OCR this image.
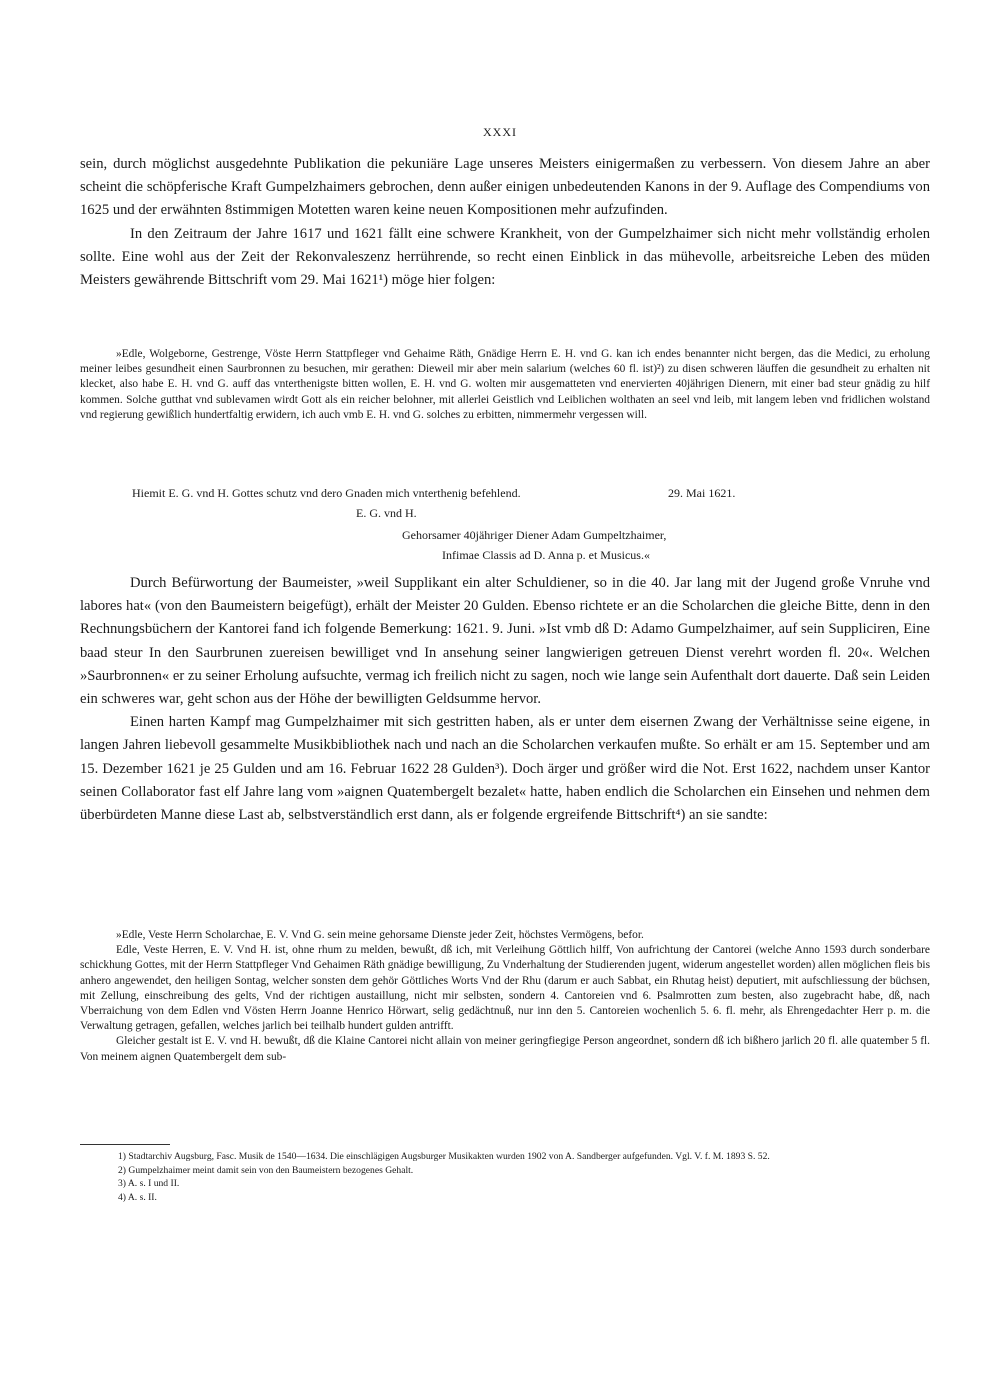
XXXI

sein, durch möglichst ausgedehnte Publikation die pekuniäre Lage unseres Meisters einigermaßen zu verbessern. Von diesem Jahre an aber scheint die schöpferische Kraft Gumpelzhaimers gebrochen, denn außer einigen unbedeutenden Kanons in der 9. Auflage des Compendiums von 1625 und der erwähnten 8stimmigen Motetten waren keine neuen Kompositionen mehr aufzufinden.

In den Zeitraum der Jahre 1617 und 1621 fällt eine schwere Krankheit, von der Gumpelzhaimer sich nicht mehr vollständig erholen sollte. Eine wohl aus der Zeit der Rekonvaleszenz herrührende, so recht einen Einblick in das mühevolle, arbeitsreiche Leben des müden Meisters gewährende Bittschrift vom 29. Mai 1621¹) möge hier folgen:

»Edle, Wolgeborne, Gestrenge, Vöste Herrn Stattpfleger vnd Gehaime Räth, Gnädige Herrn E. H. vnd G. kan ich endes benannter nicht bergen, das die Medici, zu erholung meiner leibes gesundheit einen Saurbronnen zu besuchen, mir gerathen: Dieweil mir aber mein salarium (welches 60 fl. ist)²) zu disen schweren läuffen die gesundheit zu erhalten nit klecket, also habe E. H. vnd G. auff das vnterthenigste bitten wollen, E. H. vnd G. wolten mir ausgematteten vnd enervierten 40jährigen Dienern, mit einer bad steur gnädig zu hilf kommen. Solche gutthat vnd sublevamen wirdt Gott als ein reicher belohner, mit allerlei Geistlich vnd Leiblichen wolthaten an seel vnd leib, mit langem leben vnd fridlichen wolstand vnd regierung gewißlich hundertfaltig erwidern, ich auch vmb E. H. vnd G. solches zu erbitten, nimmermehr vergessen will.

Hiemit E. G. vnd H. Gottes schutz vnd dero Gnaden mich vnterthenig befehlend.	29. Mai 1621.

E. G. vnd H.

Gehorsamer 40jähriger Diener Adam Gumpeltzhaimer,

Infimae Classis ad D. Anna p. et Musicus.«

Durch Befürwortung der Baumeister, »weil Supplikant ein alter Schuldiener, so in die 40. Jar lang mit der Jugend große Vnruhe vnd labores hat« (von den Baumeistern beigefügt), erhält der Meister 20 Gulden. Ebenso richtete er an die Scholarchen die gleiche Bitte, denn in den Rechnungsbüchern der Kantorei fand ich folgende Bemerkung: 1621. 9. Juni. »Ist vmb dß D: Adamo Gumpelzhaimer, auf sein Suppliciren, Eine baad steur In den Saurbrunen zuereisen bewilliget vnd In ansehung seiner langwierigen getreuen Dienst verehrt worden fl. 20«. Welchen »Saurbronnen« er zu seiner Erholung aufsuchte, vermag ich freilich nicht zu sagen, noch wie lange sein Aufenthalt dort dauerte. Daß sein Leiden ein schweres war, geht schon aus der Höhe der bewilligten Geldsumme hervor.

Einen harten Kampf mag Gumpelzhaimer mit sich gestritten haben, als er unter dem eisernen Zwang der Verhältnisse seine eigene, in langen Jahren liebevoll gesammelte Musikbibliothek nach und nach an die Scholarchen verkaufen mußte. So erhält er am 15. September und am 15. Dezember 1621 je 25 Gulden und am 16. Februar 1622 28 Gulden³). Doch ärger und größer wird die Not. Erst 1622, nachdem unser Kantor seinen Collaborator fast elf Jahre lang vom »aignen Quatembergelt bezalet« hatte, haben endlich die Scholarchen ein Einsehen und nehmen dem überbürdeten Manne diese Last ab, selbstverständlich erst dann, als er folgende ergreifende Bittschrift⁴) an sie sandte:

»Edle, Veste Herrn Scholarchae, E. V. Vnd G. sein meine gehorsame Dienste jeder Zeit, höchstes Vermögens, befor.

Edle, Veste Herren, E. V. Vnd H. ist, ohne rhum zu melden, bewußt, dß ich, mit Verleihung Göttlich hilff, Von aufrichtung der Cantorei (welche Anno 1593 durch sonderbare schickhung Gottes, mit der Herrn Stattpfleger Vnd Gehaimen Räth gnädige bewilligung, Zu Vnderhaltung der Studierenden jugent, widerum angestellet worden) allen möglichen fleis bis anhero angewendet, den heiligen Sontag, welcher sonsten dem gehör Göttliches Worts Vnd der Rhu (darum er auch Sabbat, ein Rhutag heist) deputiert, mit aufschliessung der büchsen, mit Zellung, einschreibung des gelts, Vnd der richtigen austaillung, nicht mir selbsten, sondern 4. Cantoreien vnd 6. Psalmrotten zum besten, also zugebracht habe, dß, nach Vberraichung von dem Edlen vnd Vösten Herrn Joanne Henrico Hörwart, selig gedächtnuß, nur inn den 5. Cantoreien wochenlich 5. 6. fl. mehr, als Ehrengedachter Herr p. m. die Verwaltung getragen, gefallen, welches jarlich bei teilhalb hundert gulden antrifft.

Gleicher gestalt ist E. V. vnd H. bewußt, dß die Klaine Cantorei nicht allain von meiner geringfiegige Person angeordnet, sondern dß ich bißhero jarlich 20 fl. alle quatember 5 fl. Von meinem aignen Quatembergelt dem sub-

1) Stadtarchiv Augsburg, Fasc. Musik de 1540—1634. Die einschlägigen Augsburger Musikakten wurden 1902 von A. Sandberger aufgefunden. Vgl. V. f. M. 1893 S. 52.

2) Gumpelzhaimer meint damit sein von den Baumeistern bezogenes Gehalt.

3) A. s. I und II.

4) A. s. II.
